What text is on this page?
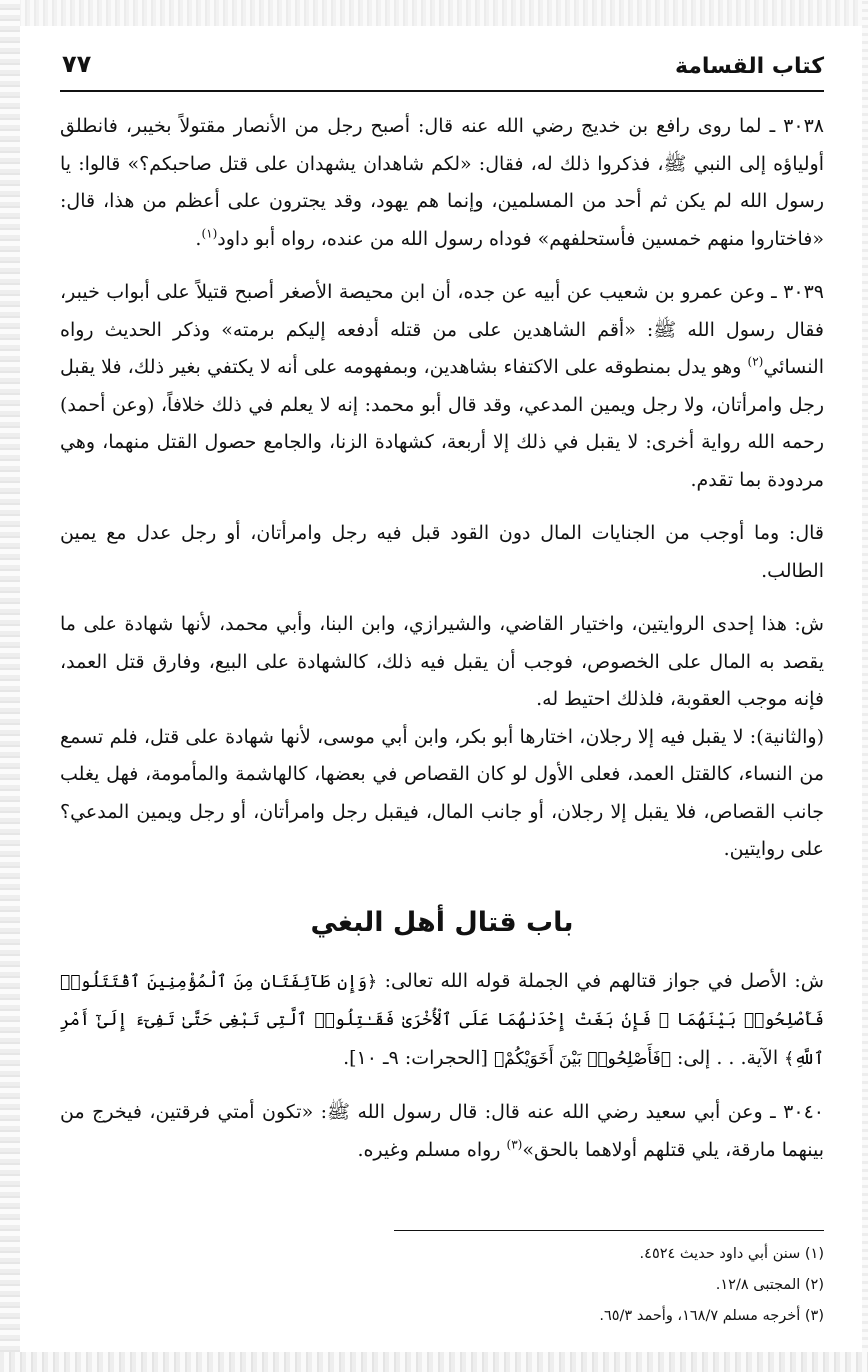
كتاب القسامة
٧٧

٣٠٣٨ ـ لما روى رافع بن خديج رضي الله عنه قال: أصبح رجل من الأنصار مقتولاً بخيبر، فانطلق أولياؤه إلى النبي ﷺ، فذكروا ذلك له، فقال: «لكم شاهدان يشهدان على قتل صاحبكم؟» قالوا: يا رسول الله لم يكن ثم أحد من المسلمين، وإنما هم يهود، وقد يجترون على أعظم من هذا، قال: «فاختاروا منهم خمسين فأستحلفهم» فوداه رسول الله من عنده، رواه أبو داود$^{(١)}$.

٣٠٣٩ ـ وعن عمرو بن شعيب عن أبيه عن جده، أن ابن محيصة الأصغر أصبح قتيلاً على أبواب خيبر، فقال رسول الله ﷺ: «أقم الشاهدين على من قتله أدفعه إليكم برمته» وذكر الحديث رواه النسائي$^{(٢)}$ وهو يدل بمنطوقه على الاكتفاء بشاهدين، وبمفهومه على أنه لا يكتفي بغير ذلك، فلا يقبل رجل وامرأتان، ولا رجل ويمين المدعي، وقد قال أبو محمد: إنه لا يعلم في ذلك خلافاً، (وعن أحمد) رحمه الله رواية أخرى: لا يقبل في ذلك إلا أربعة، كشهادة الزنا، والجامع حصول القتل منهما، وهي مردودة بما تقدم.

قال: وما أوجب من الجنايات المال دون القود قبل فيه رجل وامرأتان، أو رجل عدل مع يمين الطالب.

ش: هذا إحدى الروايتين، واختيار القاضي، والشيرازي، وابن البنا، وأبي محمد، لأنها شهادة على ما يقصد به المال على الخصوص، فوجب أن يقبل فيه ذلك، كالشهادة على البيع، وفارق قتل العمد، فإنه موجب العقوبة، فلذلك احتيط له.

(والثانية): لا يقبل فيه إلا رجلان، اختارها أبو بكر، وابن أبي موسى، لأنها شهادة على قتل، فلم تسمع من النساء، كالقتل العمد، فعلى الأول لو كان القصاص في بعضها، كالهاشمة والمأمومة، فهل يغلب جانب القصاص، فلا يقبل إلا رجلان، أو جانب المال، فيقبل رجل وامرأتان، أو رجل ويمين المدعي؟ على روايتين.

باب قتال أهل البغي

ش: الأصل في جواز قتالهم في الجملة قوله الله تعالى: ﴿وَإِن طَآئِفَتَانِ مِنَ ٱلْمُؤْمِنِينَ ٱقْتَتَلُوا۟ فَأَصْلِحُوا۟ بَيْنَهُمَا ۖ فَإِنۢ بَغَتْ إِحْدَىٰهُمَا عَلَى ٱلْأُخْرَىٰ فَقَـٰتِلُوا۟ ٱلَّتِى تَبْغِى حَتَّىٰ تَفِىٓءَ إِلَىٰٓ أَمْرِ ٱللَّهِ﴾ الآية. . . إلى: ﴿فَأَصْلِحُوا۟ بَيْنَ أَخَوَيْكُمْ﴾ [الحجرات: ٩ـ ١٠].

٣٠٤٠ ـ وعن أبي سعيد رضي الله عنه قال: قال رسول الله ﷺ: «تكون أمتي فرقتين، فيخرج من بينهما مارقة، يلي قتلهم أولاهما بالحق»$^{(٣)}$ رواه مسلم وغيره.

(١) سنن أبي داود حديث ٤٥٢٤.
(٢) المجتبى ١٢/٨.
(٣) أخرجه مسلم ١٦٨/٧، وأحمد ٦٥/٣.
